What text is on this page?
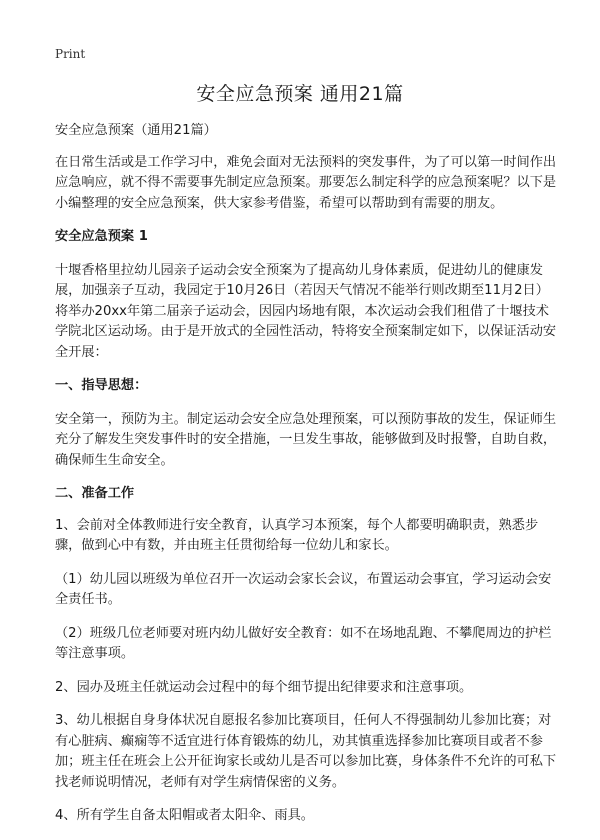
Print
安全应急预案 通用21篇

安全应急预案（通用21篇）

在日常生活或是工作学习中，难免会面对无法预料的突发事件，为了可以第一时间作出应急响应，就不得不需要事先制定应急预案。那要怎么制定科学的应急预案呢？以下是小编整理的安全应急预案，供大家参考借鉴，希望可以帮助到有需要的朋友。

安全应急预案 1

十堰香格里拉幼儿园亲子运动会安全预案为了提高幼儿身体素质，促进幼儿的健康发展，加强亲子互动，我园定于10月26日（若因天气情况不能举行则改期至11月2日）将举办20xx年第二届亲子运动会，因园内场地有限，本次运动会我们租借了十堰技术学院北区运动场。由于是开放式的全园性活动，特将安全预案制定如下，以保证活动安全开展：

一、指导思想：

安全第一，预防为主。制定运动会安全应急处理预案，可以预防事故的发生，保证师生充分了解发生突发事件时的安全措施，一旦发生事故，能够做到及时报警，自助自救，确保师生生命安全。

二、准备工作

1、会前对全体教师进行安全教育，认真学习本预案，每个人都要明确职责，熟悉步骤，做到心中有数，并由班主任贯彻给每一位幼儿和家长。

（1）幼儿园以班级为单位召开一次运动会家长会议，布置运动会事宜，学习运动会安全责任书。

（2）班级几位老师要对班内幼儿做好安全教育：如不在场地乱跑、不攀爬周边的护栏等注意事项。

2、园办及班主任就运动会过程中的每个细节提出纪律要求和注意事项。

3、幼儿根据自身身体状况自愿报名参加比赛项目，任何人不得强制幼儿参加比赛；对有心脏病、癫痫等不适宜进行体育锻炼的幼儿，劝其慎重选择参加比赛项目或者不参加；班主任在班会上公开征询家长或幼儿是否可以参加比赛，身体条件不允许的可私下找老师说明情况，老师有对学生病情保密的义务。

4、所有学生自备太阳帽或者太阳伞、雨具。
